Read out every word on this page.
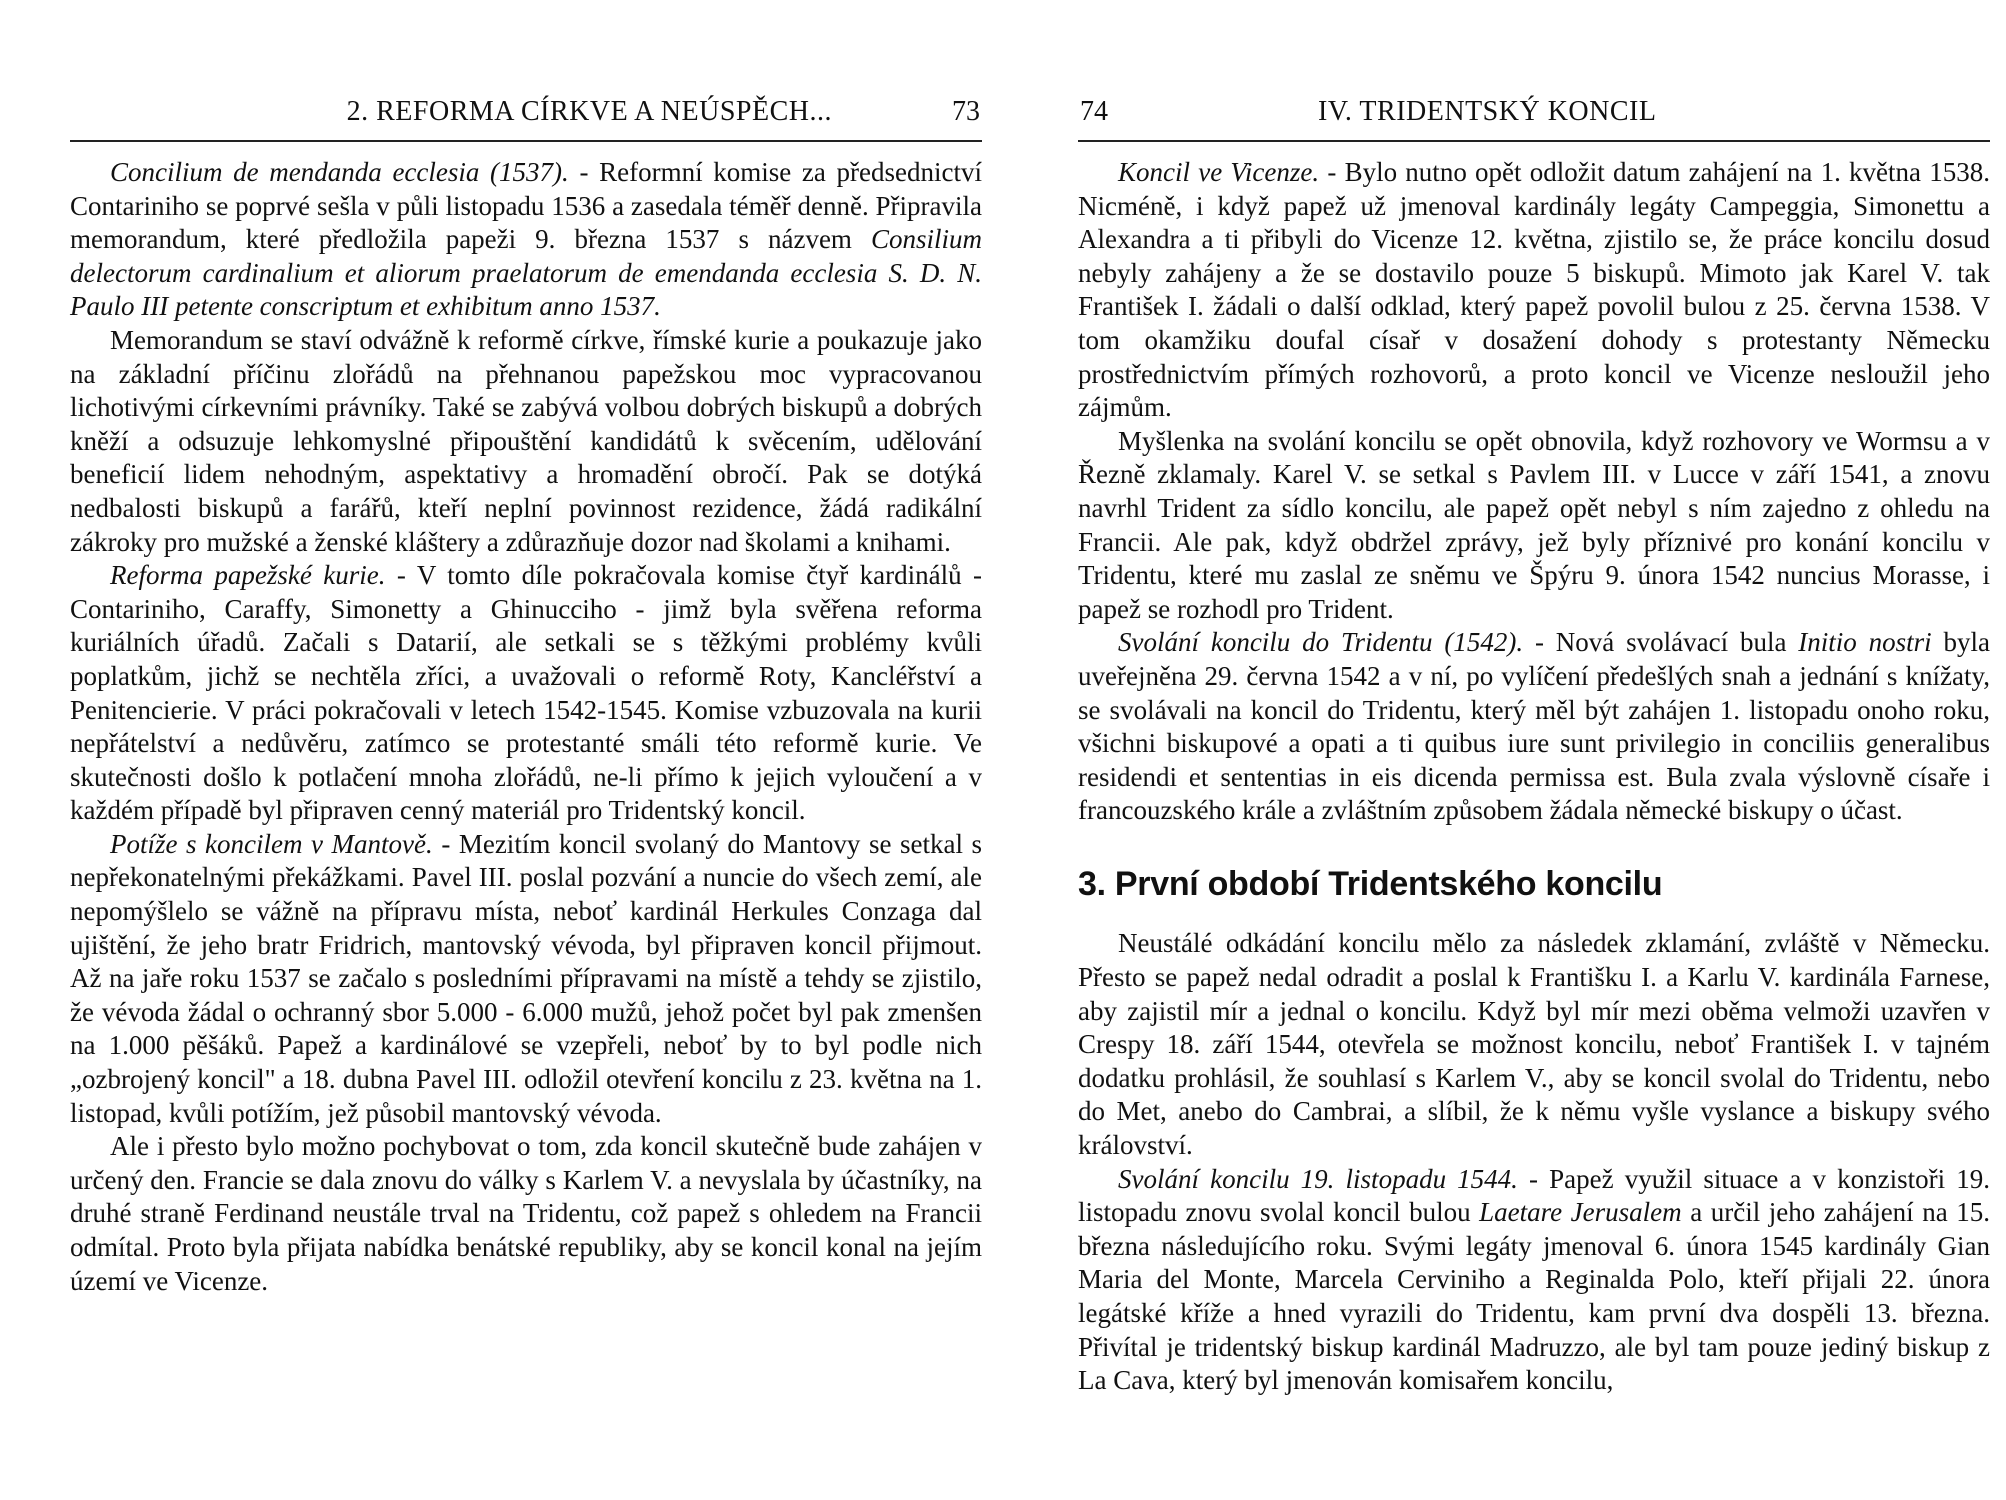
2. REFORMA CÍRKVE A NEÚSPĚCH...	73

Concilium de mendanda ecclesia (1537). - Reformní komise za předsednictví Contariniho se poprvé sešla v půli listopadu 1536 a zasedala téměř denně. Připravila memorandum, které předložila papeži 9. března 1537 s názvem Consilium delectorum cardinalium et aliorum praelatorum de emendanda ecclesia S. D. N. Paulo III petente conscriptum et exhibitum anno 1537.

Memorandum se staví odvážně k reformě církve, římské kurie a poukazuje jako na základní příčinu zlořádů na přehnanou papežskou moc vypracovanou lichotivými církevními právníky. Také se zabývá volbou dobrých biskupů a dobrých kněží a odsuzuje lehkomyslné připouštění kandidátů k svěcením, udělování beneficií lidem nehodným, aspektativy a hromadění obročí. Pak se dotýká nedbalosti biskupů a farářů, kteří neplní povinnost rezidence, žádá radikální zákroky pro mužské a ženské kláštery a zdůrazňuje dozor nad školami a knihami.

Reforma papežské kurie. - V tomto díle pokračovala komise čtyř kardinálů - Contariniho, Caraffy, Simonetty a Ghinucciho - jimž byla svěřena reforma kuriálních úřadů. Začali s Datarií, ale setkali se s těžkými problémy kvůli poplatkům, jichž se nechtěla zříci, a uvažovali o reformě Roty, Kancléřství a Penitencierie. V práci pokračovali v letech 1542-1545. Komise vzbuzovala na kurii nepřátelství a nedůvěru, zatímco se protestanté smáli této reformě kurie. Ve skutečnosti došlo k potlačení mnoha zlořádů, ne-li přímo k jejich vyloučení a v každém případě byl připraven cenný materiál pro Tridentský koncil.

Potíže s koncilem v Mantově. - Mezitím koncil svolaný do Mantovy se setkal s nepřekonatelnými překážkami. Pavel III. poslal pozvání a nuncie do všech zemí, ale nepomýšlelo se vážně na přípravu místa, neboť kardinál Herkules Conzaga dal ujištění, že jeho bratr Fridrich, mantovský vévoda, byl připraven koncil přijmout. Až na jaře roku 1537 se začalo s posledními přípravami na místě a tehdy se zjistilo, že vévoda žádal o ochranný sbor 5.000 - 6.000 mužů, jehož počet byl pak zmenšen na 1.000 pěšáků. Papež a kardinálové se vzepřeli, neboť by to byl podle nich „ozbrojený koncil" a 18. dubna Pavel III. odložil otevření koncilu z 23. května na 1. listopad, kvůli potížím, jež působil mantovský vévoda.

Ale i přesto bylo možno pochybovat o tom, zda koncil skutečně bude zahájen v určený den. Francie se dala znovu do války s Karlem V. a nevyslala by účastníky, na druhé straně Ferdinand neustále trval na Tridentu, což papež s ohledem na Francii odmítal. Proto byla přijata nabídka benátské republiky, aby se koncil konal na jejím území ve Vicenze.

74	IV. TRIDENTSKÝ KONCIL

Koncil ve Vicenze. - Bylo nutno opět odložit datum zahájení na 1. května 1538. Nicméně, i když papež už jmenoval kardinály legáty Campeggia, Simonettu a Alexandra a ti přibyli do Vicenze 12. května, zjistilo se, že práce koncilu dosud nebyly zahájeny a že se dostavilo pouze 5 biskupů. Mimoto jak Karel V. tak František I. žádali o další odklad, který papež povolil bulou z 25. června 1538. V tom okamžiku doufal císař v dosažení dohody s protestanty Německu prostřednictvím přímých rozhovorů, a proto koncil ve Vicenze nesloužil jeho zájmům.

Myšlenka na svolání koncilu se opět obnovila, když rozhovory ve Wormsu a v Řezně zklamaly. Karel V. se setkal s Pavlem III. v Lucce v září 1541, a znovu navrhl Trident za sídlo koncilu, ale papež opět nebyl s ním zajedno z ohledu na Francii. Ale pak, když obdržel zprávy, jež byly příznivé pro konání koncilu v Tridentu, které mu zaslal ze sněmu ve Špýru 9. února 1542 nuncius Morasse, i papež se rozhodl pro Trident.

Svolání koncilu do Tridentu (1542). - Nová svolávací bula Initio nostri byla uveřejněna 29. června 1542 a v ní, po vylíčení předešlých snah a jednání s knížaty, se svolávali na koncil do Tridentu, který měl být zahájen 1. listopadu onoho roku, všichni biskupové a opati a ti quibus iure sunt privilegio in conciliis generalibus residendi et sententias in eis dicenda permissa est. Bula zvala výslovně císaře i francouzského krále a zvláštním způsobem žádala německé biskupy o účast.

3. První období Tridentského koncilu

Neustálé odkádání koncilu mělo za následek zklamání, zvláště v Německu. Přesto se papež nedal odradit a poslal k Františku I. a Karlu V. kardinála Farnese, aby zajistil mír a jednal o koncilu. Když byl mír mezi oběma velmoži uzavřen v Crespy 18. září 1544, otevřela se možnost koncilu, neboť František I. v tajném dodatku prohlásil, že souhlasí s Karlem V., aby se koncil svolal do Tridentu, nebo do Met, anebo do Cambrai, a slíbil, že k němu vyšle vyslance a biskupy svého království.

Svolání koncilu 19. listopadu 1544. - Papež využil situace a v konzistoři 19. listopadu znovu svolal koncil bulou Laetare Jerusalem a určil jeho zahájení na 15. března následujícího roku. Svými legáty jmenoval 6. února 1545 kardinály Gian Maria del Monte, Marcela Cerviniho a Reginalda Polo, kteří přijali 22. února legátské kříže a hned vyrazili do Tridentu, kam první dva dospěli 13. března. Přivítal je tridentský biskup kardinál Madruzzo, ale byl tam pouze jediný biskup z La Cava, který byl jmenován komisařem koncilu,
